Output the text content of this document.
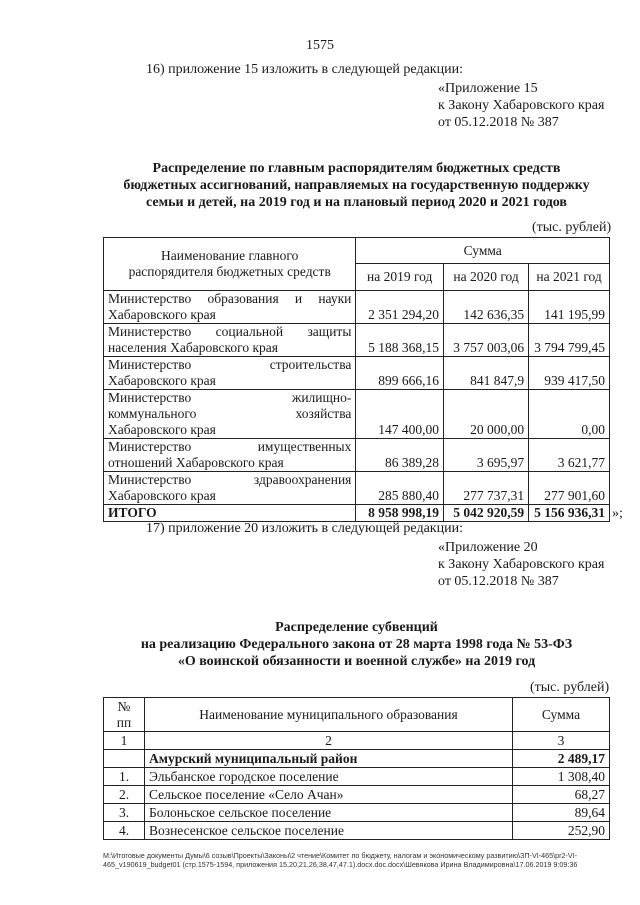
1575
16) приложение 15 изложить в следующей редакции:
«Приложение 15
к Закону Хабаровского края
от 05.12.2018 № 387
Распределение по главным распорядителям бюджетных средств
бюджетных ассигнований, направляемых на государственную поддержку
семьи и детей, на 2019 год и на плановый период 2020 и 2021 годов
(тыс. рублей)
Наименование главного распорядителя бюджетных средств	Сумма		
	на 2019 год	на 2020 год	на 2021 год

Министерство образования и науки
Хабаровского края	2 351 294,20	142 636,35	141 195,99

Министерство социальной защиты
населения Хабаровского края	5 188 368,15	3 757 003,06	3 794 799,45

Министерство строительства
Хабаровского края	899 666,16	841 847,9	939 417,50

Министерство жилищно-
коммунального хозяйства
Хабаровского края	147 400,00	20 000,00	0,00

Министерство имущественных
отношений Хабаровского края	86 389,28	3 695,97	3 621,77

Министерство здравоохранения
Хабаровского края	285 880,40	277 737,31	277 901,60
ИТОГО	8 958 998,19	5 042 920,59	5 156 936,31 »;
17) приложение 20 изложить в следующей редакции:
«Приложение 20
к Закону Хабаровского края
от 05.12.2018 № 387
Распределение субвенций
на реализацию Федерального закона от 28 марта 1998 года № 53-ФЗ
«О воинской обязанности и военной службе» на 2019 год
(тыс. рублей)
№
пп	Наименование муниципального образования	Сумма
1	2	3
	Амурский муниципальный район	2 489,17
1.	Эльбанское городское поселение	1 308,40
2.	Сельское поселение «Село Ачан»	68,27
3.	Болоньское сельское поселение	89,64
4.	Вознесенское сельское поселение	252,90
M:\Итоговые документы Думы\6 созыв\Проекты\Законы\2 чтение\Комитет по бюджету, налогам и экономическому развитию\ЗП-VI-465\pr2-VI-465_v190619_budget01 (стр.1575-1594, приложения 15,20,21,26,38,47,47.1).docx.doc.docx\Шевякова Ирина Владимировна\17.06.2019 9:09:36
